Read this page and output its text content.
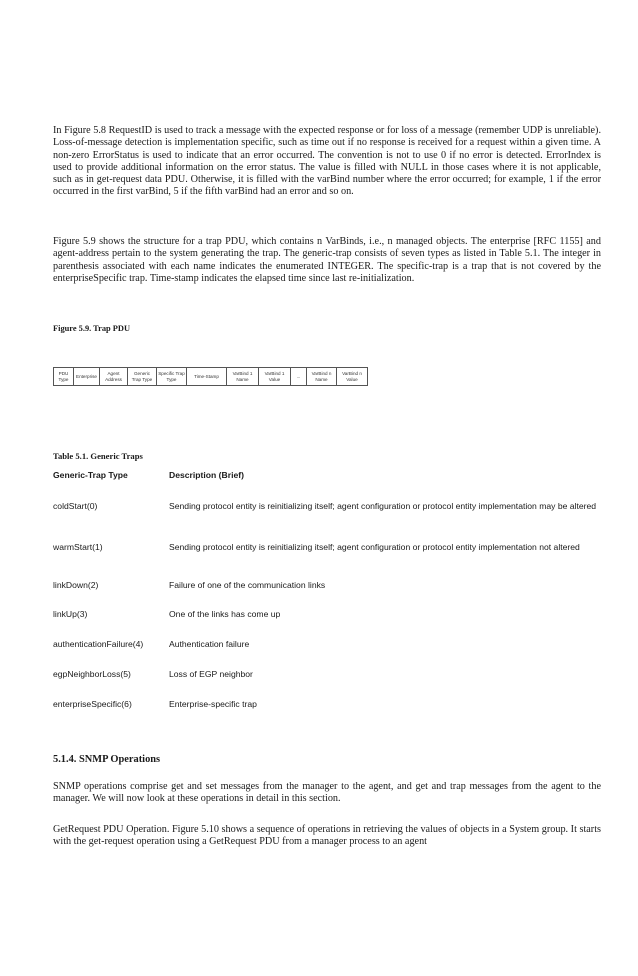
In Figure 5.8 RequestID is used to track a message with the expected response or for loss of a message (remember UDP is unreliable). Loss-of-message detection is implementation specific, such as time out if no response is received for a request within a given time. A non-zero ErrorStatus is used to indicate that an error occurred. The convention is not to use 0 if no error is detected. ErrorIndex is used to provide additional information on the error status. The value is filled with NULL in those cases where it is not applicable, such as in get-request data PDU. Otherwise, it is filled with the varBind number where the error occurred; for example, 1 if the error occurred in the first varBind, 5 if the fifth varBind had an error and so on.

Figure 5.9 shows the structure for a trap PDU, which contains n VarBinds, i.e., n managed objects. The enterprise [RFC 1155] and agent-address pertain to the system generating the trap. The generic-trap consists of seven types as listed in Table 5.1. The integer in parenthesis associated with each name indicates the enumerated INTEGER. The specific-trap is a trap that is not covered by the enterpriseSpecific trap. Time-stamp indicates the elapsed time since last re-initialization.

Figure 5.9. Trap PDU

PDU Type
Enterprise
Agent Address
Generic Trap Type
Specific Trap Type
Time-Stamp
VarBind 1 Name
VarBind 1 Value
...
VarBind n Name
VarBind n Value
Table 5.1. Generic Traps
Generic-Trap Type	Description (Brief)
coldStart(0)	Sending protocol entity is reinitializing itself; agent configuration or protocol entity implementation may be altered
warmStart(1)	Sending protocol entity is reinitializing itself; agent configuration or protocol entity implementation not altered
linkDown(2)	Failure of one of the communication links
linkUp(3)	One of the links has come up
authenticationFailure(4)	Authentication failure
egpNeighborLoss(5)	Loss of EGP neighbor
enterpriseSpecific(6)	Enterprise-specific trap
5.1.4. SNMP Operations

SNMP operations comprise get and set messages from the manager to the agent, and get and trap messages from the agent to the manager. We will now look at these operations in detail in this section.

GetRequest PDU Operation. Figure 5.10 shows a sequence of operations in retrieving the values of objects in a System group. It starts with the get-request operation using a GetRequest PDU from a manager process to an agent
